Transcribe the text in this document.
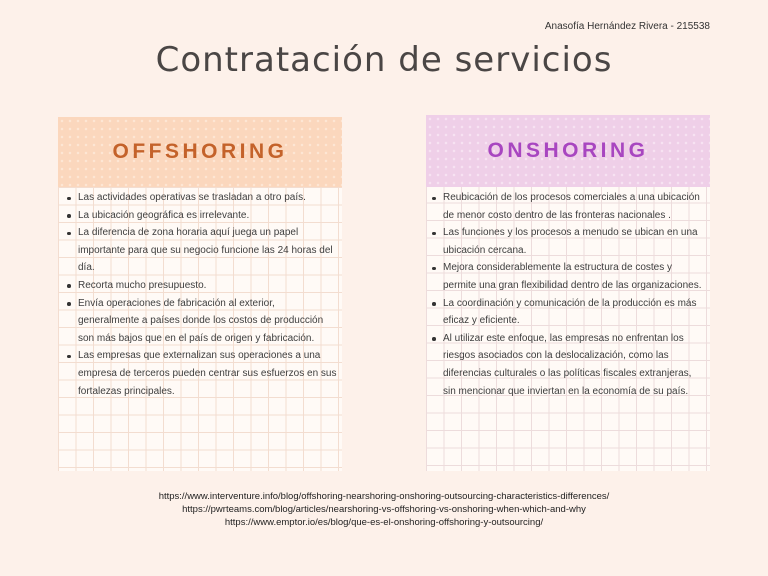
Anasofía Hernández Rivera - 215538
Contratación de servicios
OFFSHORING
Las actividades operativas se trasladan a otro país.
La ubicación geográfica es irrelevante.
La diferencia de zona horaria aquí juega un papel importante para que su negocio funcione las 24 horas del día.
Recorta mucho presupuesto.
Envía operaciones de fabricación al exterior, generalmente a países donde los costos de producción son más bajos que en el país de origen y fabricación.
Las empresas que externalizan sus operaciones a una empresa de terceros pueden centrar sus esfuerzos en sus fortalezas principales.
ONSHORING
Reubicación de los procesos comerciales a una ubicación de menor costo dentro de las fronteras nacionales .
Las funciones y los procesos a menudo se ubican en una ubicación cercana.
Mejora considerablemente la estructura de costes y permite una gran flexibilidad dentro de las organizaciones.
La coordinación y comunicación de la producción es más eficaz y eficiente.
Al utilizar este enfoque, las empresas no enfrentan los riesgos asociados con la deslocalización, como las diferencias culturales o las políticas fiscales extranjeras, sin mencionar que inviertan en la economía de su país.
https://www.interventure.info/blog/offshoring-nearshoring-onshoring-outsourcing-characteristics-differences/
https://pwrteams.com/blog/articles/nearshoring-vs-offshoring-vs-onshoring-when-which-and-why
https://www.emptor.io/es/blog/que-es-el-onshoring-offshoring-y-outsourcing/
